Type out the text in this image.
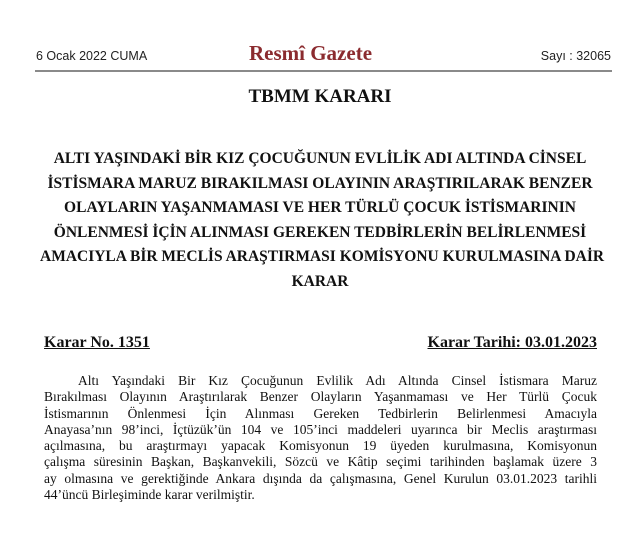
6 Ocak 2022 CUMA	Resmî Gazete	Sayı : 32065
TBMM KARARI
ALTI YAŞINDAKİ BİR KIZ ÇOCUĞUNUN EVLİLİK ADI ALTINDA CİNSEL
İSTİSMARA MARUZ BIRAKILMASI OLAYININ ARAŞTIRILARAK BENZER
OLAYLARIN YAŞANMAMASI VE HER TÜRLÜ ÇOCUK İSTİSMARININ
ÖNLENMESİ İÇİN ALINMASI GEREKEN TEDBİRLERİN BELİRLENMESİ
AMACIYLA BİR MECLİS ARAŞTIRMASI KOMİSYONU KURULMASINA DAİR
KARAR
Karar No. 1351	Karar Tarihi: 03.01.2023
Altı Yaşındaki Bir Kız Çocuğunun Evlilik Adı Altında Cinsel İstismara Maruz
Bırakılması Olayının Araştırılarak Benzer Olayların Yaşanmaması ve Her Türlü Çocuk
İstismarının Önlenmesi İçin Alınması Gereken Tedbirlerin Belirlenmesi Amacıyla
Anayasa’nın 98’inci, İçtüzük’ün 104 ve 105’inci maddeleri uyarınca bir Meclis araştırması
açılmasına, bu araştırmayı yapacak Komisyonun 19 üyeden kurulmasına, Komisyonun
çalışma süresinin Başkan, Başkanvekili, Sözcü ve Kâtip seçimi tarihinden başlamak üzere 3
ay olmasına ve gerektiğinde Ankara dışında da çalışmasına, Genel Kurulun 03.01.2023 tarihli
44’üncü Birleşiminde karar verilmiştir.
